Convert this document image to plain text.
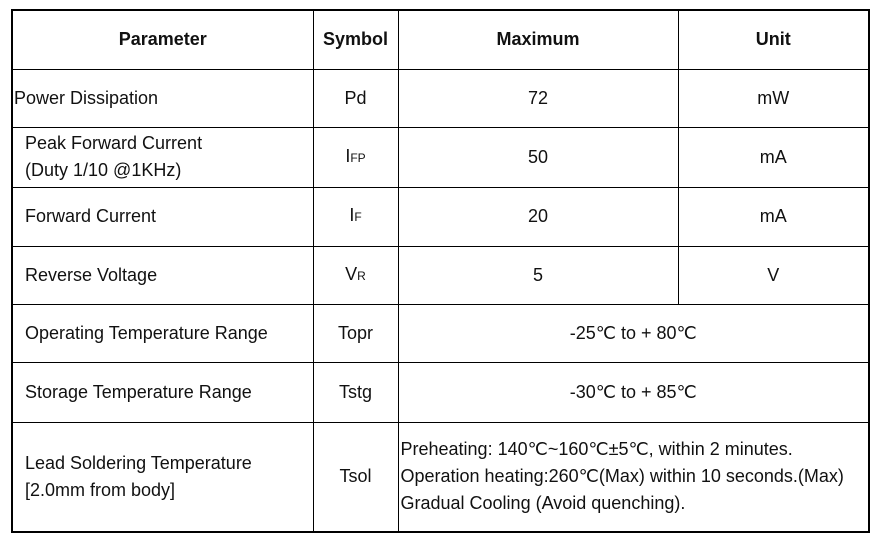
Parameter	Symbol	Maximum	Unit
Power Dissipation	Pd	72	mW

Peak Forward Current
(Duty 1/10 @1KHz)	IFP	50	mA
Forward Current	IF	20	mA
Reverse Voltage	VR	5	V
Operating Temperature Range	Topr	-25℃ to + 80℃	
Storage Temperature Range	Tstg	-30℃ to + 85℃	

Lead Soldering Temperature
[2.0mm from body]	Tsol	Preheating: 140℃~160℃±5℃, within 2 minutes.
Operation heating:260℃(Max) within 10 seconds.(Max)
Gradual Cooling (Avoid quenching).	
